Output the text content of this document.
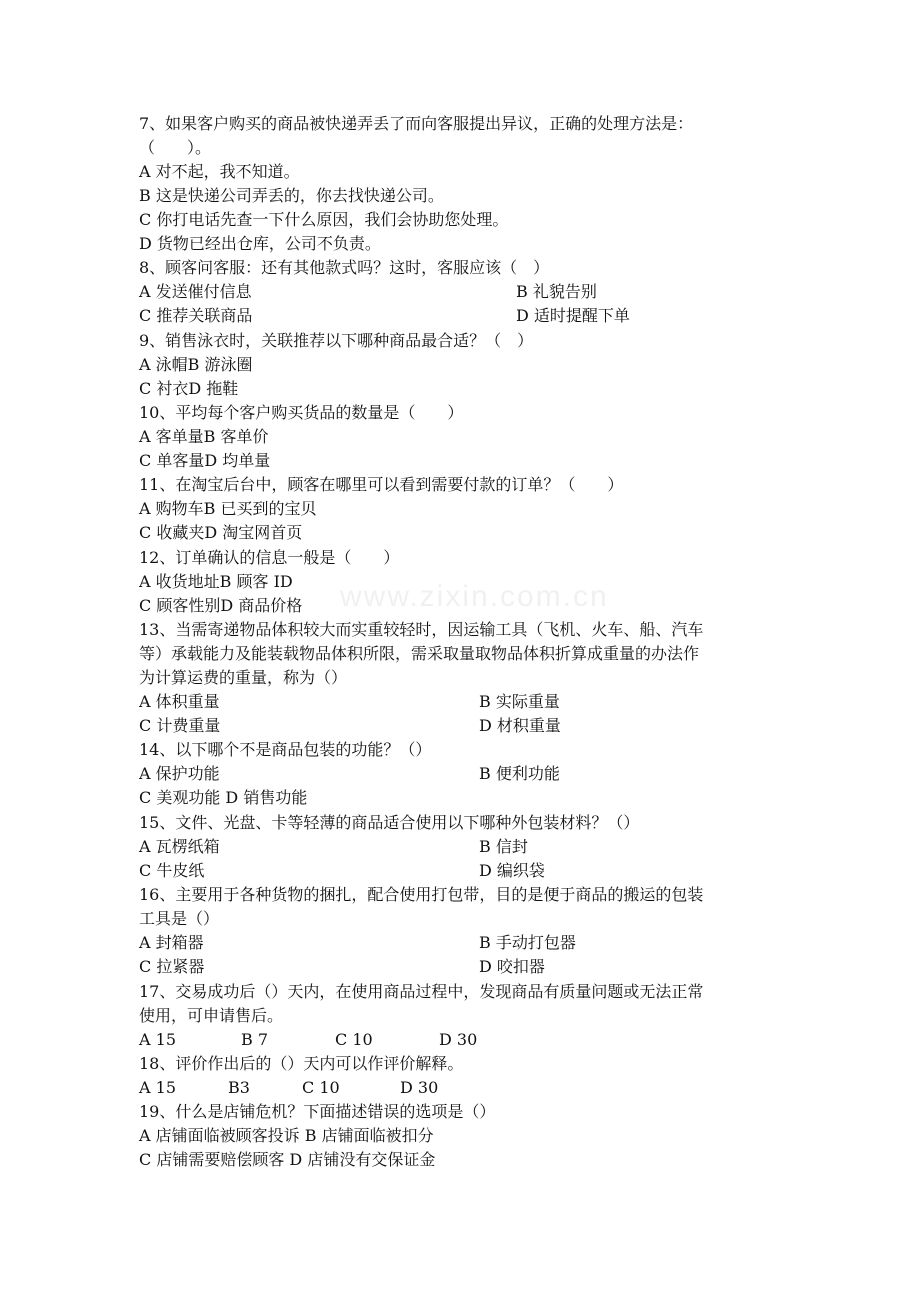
www.zixin.com.cn
7、如果客户购买的商品被快递弄丢了而向客服提出异议，正确的处理方法是：
（　　）。
A 对不起，我不知道。
B 这是快递公司弄丢的，你去找快递公司。
C 你打电话先查一下什么原因，我们会协助您处理。
D 货物已经出仓库，公司不负责。
8、顾客问客服：还有其他款式吗？这时，客服应该（　）
A 发送催付信息	B 礼貌告别
C 推荐关联商品	D 适时提醒下单
9、销售泳衣时，关联推荐以下哪种商品最合适？（　）
A 泳帽 B 游泳圈
C 衬衣 D 拖鞋
10、平均每个客户购买货品的数量是（　　）
A 客单量 B 客单价
C 单客量 D 均单量
11、在淘宝后台中，顾客在哪里可以看到需要付款的订单？（　　）
A 购物车 B 已买到的宝贝
C 收藏夹 D 淘宝网首页
12、订单确认的信息一般是（　　）
A 收货地址 B 顾客 ID
C 顾客性别 D 商品价格
13、当需寄递物品体积较大而实重较轻时，因运输工具（飞机、火车、船、汽车
等）承载能力及能装载物品体积所限，需采取量取物品体积折算成重量的办法作
为计算运费的重量，称为（）
A 体积重量	B 实际重量
C 计费重量	D 材积重量
14、以下哪个不是商品包装的功能？（）
A 保护功能	B 便利功能
C 美观功能 D 销售功能
15、文件、光盘、卡等轻薄的商品适合使用以下哪种外包装材料？（）
A 瓦楞纸箱	B 信封
C 牛皮纸	D 编织袋
16、主要用于各种货物的捆扎，配合使用打包带，目的是便于商品的搬运的包装
工具是（）
A 封箱器	B 手动打包器
C 拉紧器	D 咬扣器
17、交易成功后（）天内，在使用商品过程中，发现商品有质量问题或无法正常
使用，可申请售后。
A 15	B 7	C 10	D 30
18、评价作出后的（）天内可以作评价解释。
A 15	B3	C 10	D 30
19、什么是店铺危机？下面描述错误的选项是（）
A 店铺面临被顾客投诉 B 店铺面临被扣分
C 店铺需要赔偿顾客 D 店铺没有交保证金
